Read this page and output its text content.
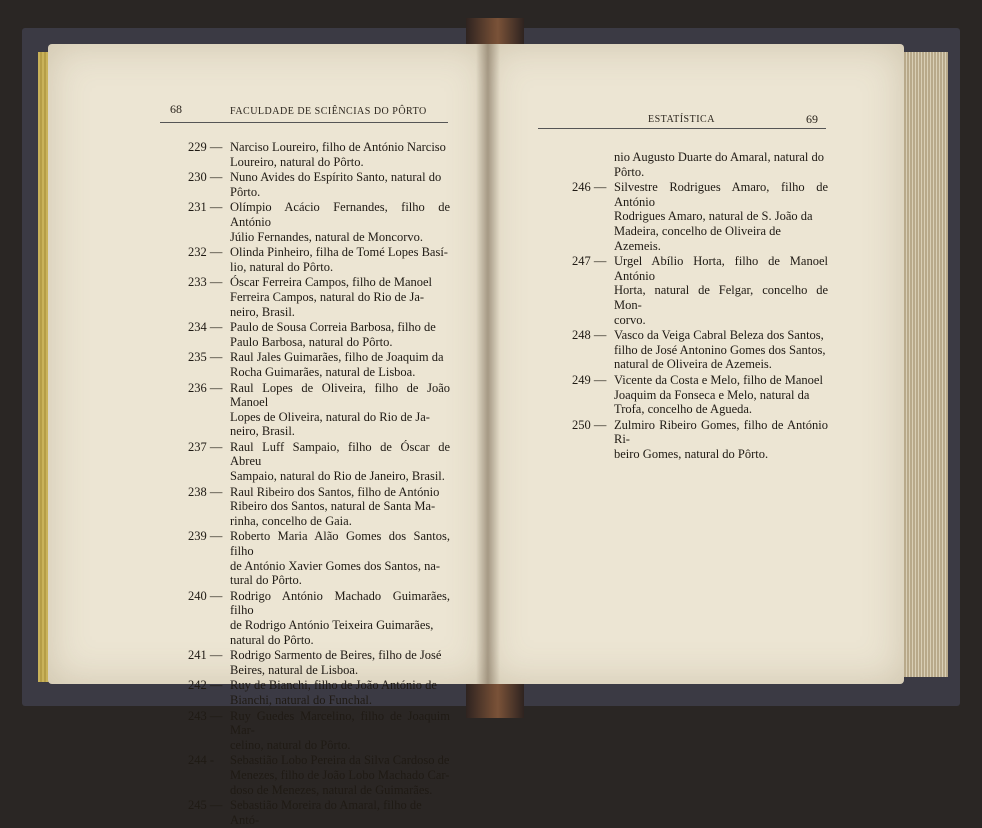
68	FACULDADE DE SCIÊNCIAS DO PÔRTO
229 — Narciso Loureiro, filho de António Narciso
Loureiro, natural do Pôrto.
230 — Nuno Avides do Espírito Santo, natural do
Pôrto.
231 — Olímpio Acácio Fernandes, filho de António
Júlio Fernandes, natural de Moncorvo.
232 — Olinda Pinheiro, filha de Tomé Lopes Basí-
lio, natural do Pôrto.
233 — Óscar Ferreira Campos, filho de Manoel
Ferreira Campos, natural do Rio de Ja-
neiro, Brasil.
234 — Paulo de Sousa Correia Barbosa, filho de
Paulo Barbosa, natural do Pôrto.
235 — Raul Jales Guimarães, filho de Joaquim da
Rocha Guimarães, natural de Lisboa.
236 — Raul Lopes de Oliveira, filho de João Manoel
Lopes de Oliveira, natural do Rio de Ja-
neiro, Brasil.
237 — Raul Luff Sampaio, filho de Óscar de Abreu
Sampaio, natural do Rio de Janeiro, Brasil.
238 — Raul Ribeiro dos Santos, filho de António
Ribeiro dos Santos, natural de Santa Ma-
rinha, concelho de Gaia.
239 — Roberto Maria Alão Gomes dos Santos, filho
de António Xavier Gomes dos Santos, na-
tural do Pôrto.
240 — Rodrigo António Machado Guimarães, filho
de Rodrigo António Teixeira Guimarães,
natural do Pôrto.
241 — Rodrigo Sarmento de Beires, filho de José
Beires, natural de Lisboa.
242 — Ruy de Bianchi, filho de João António de
Bianchi, natural do Funchal.
243 — Ruy Guedes Marcelino, filho de Joaquim Mar-
celino, natural do Pôrto.
244 - Sebastião Lobo Pereira da Silva Cardoso de
Menezes, filho de João Lobo Machado Car-
doso de Menezes, natural de Guimarães.
245 — Sebastião Moreira do Amaral, filho de Antó-
ESTATÍSTICA	69
nio Augusto Duarte do Amaral, natural do
Pôrto.
246 — Silvestre Rodrigues Amaro, filho de António
Rodrigues Amaro, natural de S. João da
Madeira, concelho de Oliveira de Azemeis.
247 — Urgel Abílio Horta, filho de Manoel António
Horta, natural de Felgar, concelho de Mon-
corvo.
248 — Vasco da Veiga Cabral Beleza dos Santos,
filho de José Antonino Gomes dos Santos,
natural de Oliveira de Azemeis.
249 — Vicente da Costa e Melo, filho de Manoel
Joaquim da Fonseca e Melo, natural da
Trofa, concelho de Agueda.
250 — Zulmiro Ribeiro Gomes, filho de António Ri-
beiro Gomes, natural do Pôrto.
